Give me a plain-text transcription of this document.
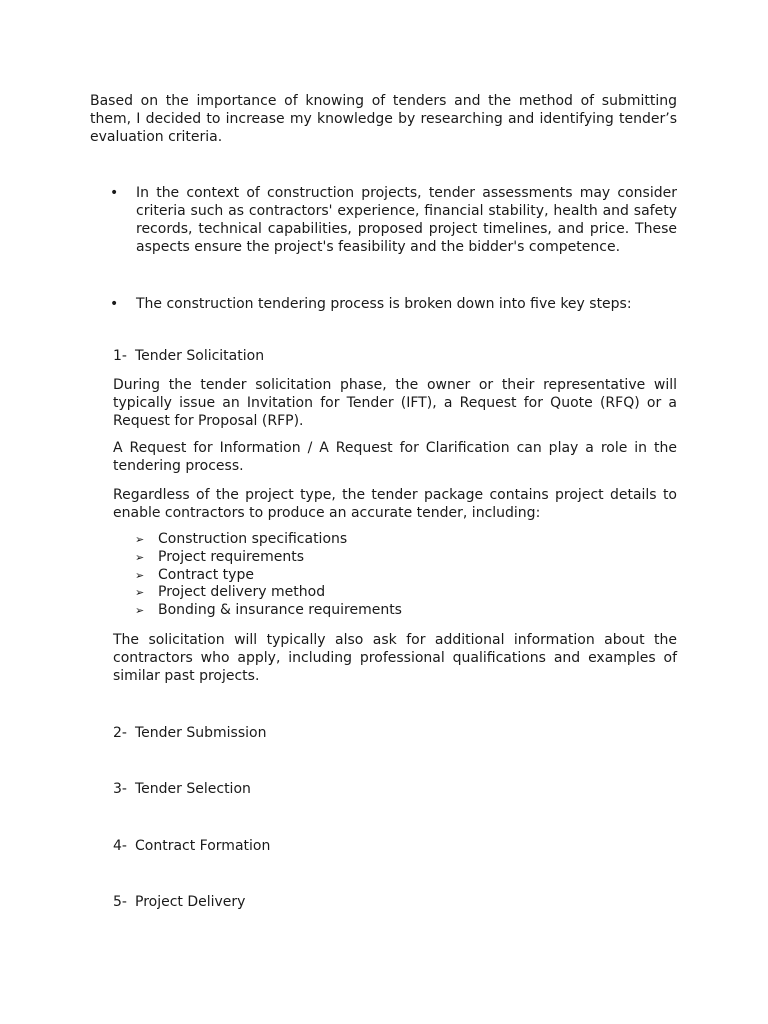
Based on the importance of knowing of tenders and the method of submitting them, I decided to increase my knowledge by researching and identifying tender’s evaluation criteria.

•	In the context of construction projects, tender assessments may consider criteria such as contractors' experience, financial stability, health and safety records, technical capabilities, proposed project timelines, and price. These aspects ensure the project's feasibility and the bidder's competence.

•	The construction tendering process is broken down into five key steps:

1- Tender Solicitation

During the tender solicitation phase, the owner or their representative will typically issue an Invitation for Tender (IFT), a Request for Quote (RFQ) or a Request for Proposal (RFP).

A Request for Information / A Request for Clarification can play a role in the tendering process.

Regardless of the project type, the tender package contains project details to enable contractors to produce an accurate tender, including:

➢ Construction specifications
➢ Project requirements
➢ Contract type
➢ Project delivery method
➢ Bonding & insurance requirements

The solicitation will typically also ask for additional information about the contractors who apply, including professional qualifications and examples of similar past projects.

2- Tender Submission

3- Tender Selection

4- Contract Formation

5- Project Delivery
